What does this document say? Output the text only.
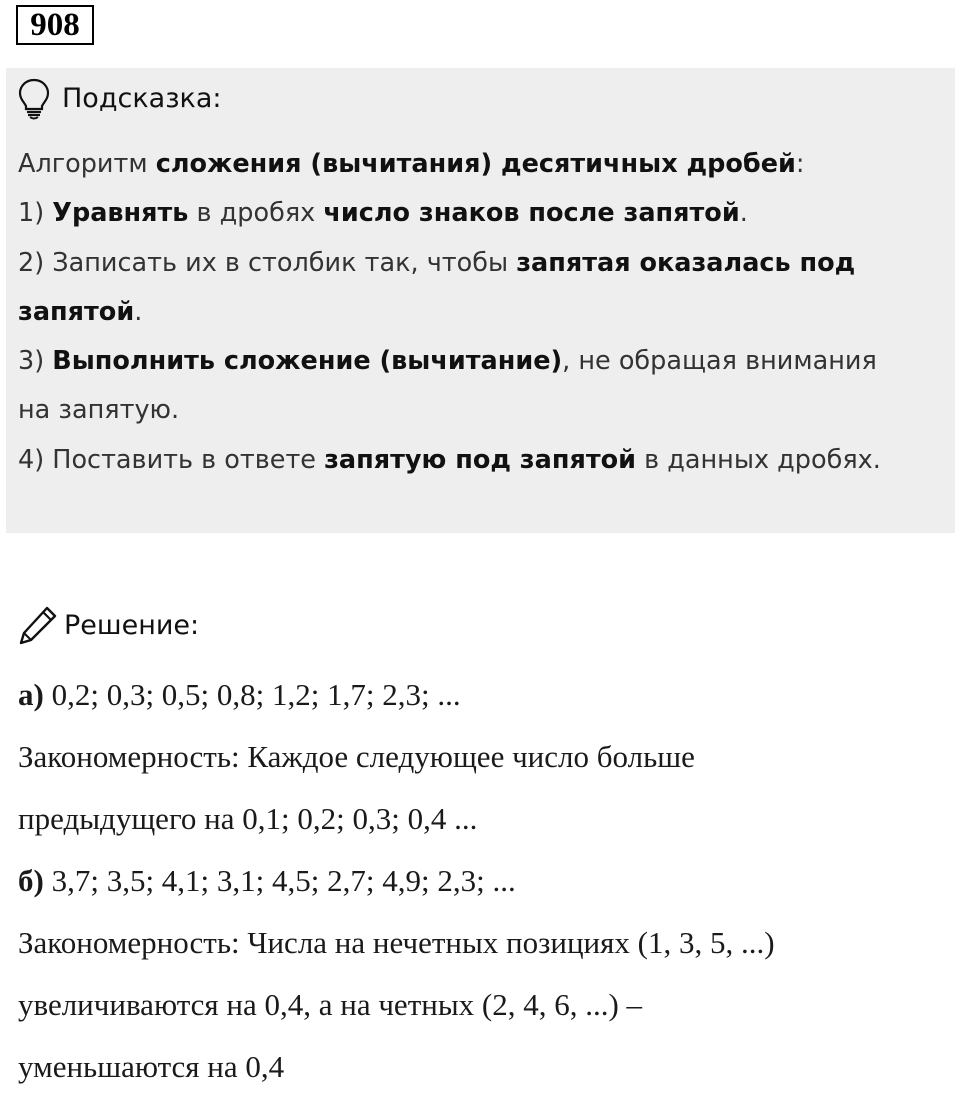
908
Подсказка:
Алгоритм сложения (вычитания) десятичных дробей:
1) Уравнять в дробях число знаков после запятой.
2) Записать их в столбик так, чтобы запятая оказалась под
запятой.
3) Выполнить сложение (вычитание), не обращая внимания
на запятую.
4) Поставить в ответе запятую под запятой в данных дробях.
Решение:
а) 0,2; 0,3; 0,5; 0,8; 1,2; 1,7; 2,3; ...
Закономерность: Каждое следующее число больше
предыдущего на 0,1; 0,2; 0,3; 0,4 ...
б) 3,7; 3,5; 4,1; 3,1; 4,5; 2,7; 4,9; 2,3; ...
Закономерность: Числа на нечетных позициях (1, 3, 5, ...)
увеличиваются на 0,4, а на четных (2, 4, 6, ...) –
уменьшаются на 0,4
